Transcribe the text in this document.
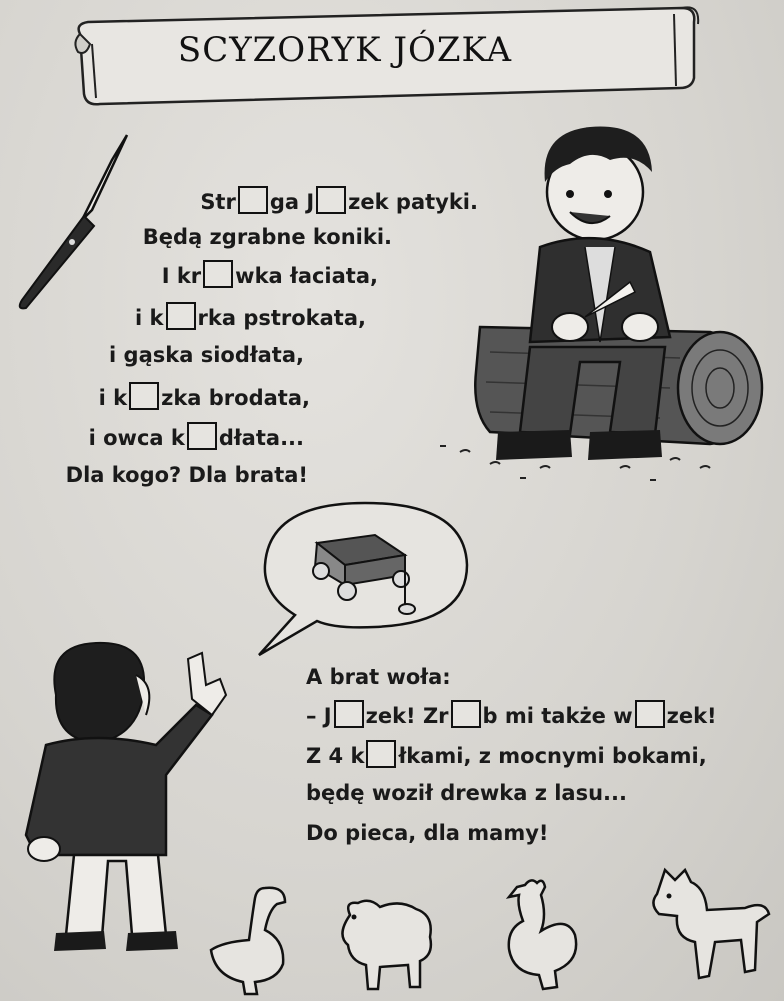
SCYZORYK JÓZKA
Str ga J zek patyki.
Będą zgrabne koniki.
I kr wka łaciata,
i k rka pstrokata,
i gąska siodłata,
i k zka brodata,
i owca k dłata...
Dla kogo? Dla brata!
A brat woła:
– J zek! Zr b mi także w zek!
Z 4 k łkami, z mocnymi bokami,
będę woził drewka z lasu...
Do pieca, dla mamy!
